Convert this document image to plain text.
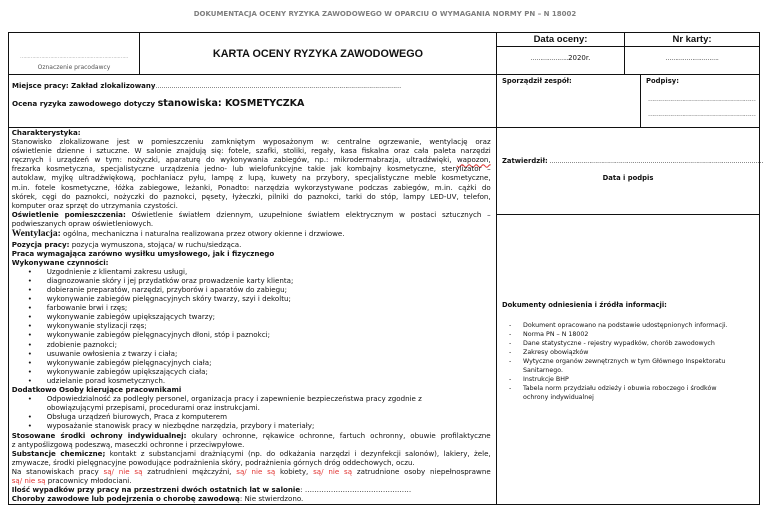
DOKUMENTACJA OCENY RYZYKA ZAWODOWEGO W OPARCIU O WYMAGANIA NORMY PN – N 18002
………………………………………………………………
Oznaczenie pracodawcy
KARTA OCENY RYZYKA ZAWODOWEGO
Data oceny:
………………..2020r.
Nr karty:
……………………….
Miejsce pracy: Zakład zlokalizowany……………………………………………………………………………………………………………
Ocena ryzyka zawodowego dotyczy stanowiska: KOSMETYCZKA
Sporządził zespół:	Podpisy:
………………………………………………
………………………………………………
Zatwierdził: ………………………………………………………………………………………………
Data i podpis
Dokumenty odniesienia i źródła informacji:
- Dokument opracowano na podstawie udostępnionych informacji.
- Norma PN – N 18002
- Dane statystyczne - rejestry wypadków, chorób zawodowych
- Zakresy obowiązków
- Wytyczne organów zewnętrznych w tym Głównego Inspektoratu Sanitarnego.
- Instrukcje BHP
- Tabela norm przydziału odzieży i obuwia roboczego i środków ochrony indywidualnej
Charakterystyka:
Stanowisko zlokalizowane jest w pomieszczeniu zamkniętym wyposażonym w: centralne ogrzewanie, wentylację oraz
oświetlenie dzienne i sztuczne. W salonie znajdują się: fotele, szafki, stoliki, regały, kasa fiskalna oraz cała paleta narzędzi
ręcznych i urządzeń w tym: nożyczki, aparaturę do wykonywania zabiegów, np.: mikrodermabrazja, ultradźwięki, wapozon,
frezarka kosmetyczna, specjalistyczne urządzenia jedno- lub wielofunkcyjne takie jak kombajny kosmetyczne, sterylizator –
autoklaw, myjkę ultradźwiękową, pochłaniacz pyłu, lampę z lupą, kuwety na przybory, specjalistyczne meble kosmetyczne,
m.in. fotele kosmetyczne, łóżka zabiegowe, leżanki, Ponadto: narzędzia wykorzystywane podczas zabiegów, m.in. cążki do
skórek, cęgi do paznokci, nożyczki do paznokci, pęsety, łyżeczki, pilniki do paznokci, tarki do stóp, lampy LED-UV, telefon,
komputer oraz sprzęt do utrzymania czystości.
Oświetlenie pomieszczenia: Oświetlenie światłem dziennym, uzupełnione światłem elektrycznym w postaci sztucznych –
podwieszanych opraw oświetleniowych.
Wentylacja: ogólna, mechaniczna i naturalna realizowana przez otwory okienne i drzwiowe.
Pozycja pracy: pozycja wymuszona, stojąca/ w ruchu/siedząca.
Praca wymagająca zarówno wysiłku umysłowego, jak i fizycznego
Wykonywane czynności:
• Uzgodnienie z klientami zakresu usługi,
• diagnozowanie skóry i jej przydatków oraz prowadzenie karty klienta;
• dobieranie preparatów, narzędzi, przyborów i aparatów do zabiegu;
• wykonywanie zabiegów pielęgnacyjnych skóry twarzy, szyi i dekoltu;
• farbowanie brwi i rzęs;
• wykonywanie zabiegów upiększających twarzy;
• wykonywanie stylizacji rzęs;
• wykonywanie zabiegów pielęgnacyjnych dłoni, stóp i paznokci;
• zdobienie paznokci;
• usuwanie owłosienia z twarzy i ciała;
• wykonywanie zabiegów pielęgnacyjnych ciała;
• wykonywanie zabiegów upiększających ciała;
• udzielanie porad kosmetycznych.
Dodatkowo Osoby kierujące pracownikami
• Odpowiedzialność za podległy personel, organizacja pracy i zapewnienie bezpieczeństwa pracy zgodnie z
obowiązującymi przepisami, procedurami oraz instrukcjami.
• Obsługa urządzeń biurowych, Praca z komputerem
• wyposażanie stanowisk pracy w niezbędne narzędzia, przybory i materiały;
Stosowane środki ochrony indywidualnej: okulary ochronne, rękawice ochronne, fartuch ochronny, obuwie profilaktyczne
z antypoślizgową podeszwą, maseczki ochronne i przeciwpyłowe.
Substancje chemiczne; kontakt z substancjami drażniącymi (np. do odkażania narzędzi i dezynfekcji salonów), lakiery, żele,
zmywacze, środki pielęgnacyjne powodujące podrażnienia skóry, podrażnienia górnych dróg oddechowych, oczu.
Na stanowiskach pracy są/ nie są zatrudnieni mężczyźni, są/ nie są kobiety, są/ nie są zatrudnione osoby niepełnosprawne
są/ nie są pracownicy młodociani.
Ilość wypadków przy pracy na przestrzeni dwóch ostatnich lat w salonie: ………………………………………
Choroby zawodowe lub podejrzenia o chorobę zawodową: Nie stwierdzono.
